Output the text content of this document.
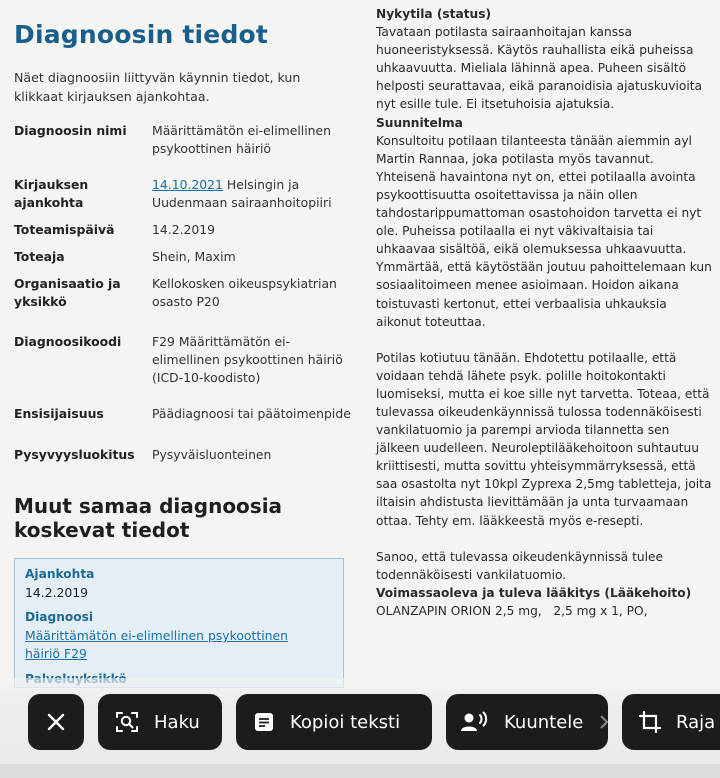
Diagnoosin tiedot
Näet diagnoosiin liittyvän käynnin tiedot, kun klikkaat kirjauksen ajankohtaa.
Diagnoosin nimi	Määrittämätön ei-elimellinen psykoottinen häiriö
Kirjauksen ajankohta
14.10.2021 Helsingin ja Uudenmaan sairaanhoitopiiri
Toteamispäivä	14.2.2019
Toteaja	Shein, Maxim
Organisaatio ja yksikkö
Kellokosken oikeuspsykiatrian osasto P20
Diagnoosikoodi	F29 Määrittämätön ei-elimellinen psykoottinen häiriö (ICD-10-koodisto)
Ensisijaisuus	Päädiagnoosi tai päätoimenpide
Pysyvyysluokitus	Pysyväisluonteinen
Muut samaa diagnoosia koskevat tiedot
Ajankohta
14.2.2019
Diagnoosi
Määrittämätön ei-elimellinen psykoottinen häiriö F29

Nykytila (status)

Tavataan potilasta sairaanhoitajan kanssa huoneeristyksessä. Käytös rauhallista eikä puheissa uhkaavuutta. Mieliala lähinnä apea. Puheen sisältö helposti seurattavaa, eikä paranoidisia ajatuskuvioita nyt esille tule. Ei itsetuhoisia ajatuksia.

Suunnitelma

Konsultoitu potilaan tilanteesta tänään aiemmin ayl Martin Rannaa, joka potilasta myös tavannut. Yhteisenä havaintona nyt on, ettei potilaalla avointa psykoottisuutta osoitettavissa ja näin ollen tahdostarippumattoman osastohoidon tarvetta ei nyt ole. Puheissa potilaalla ei nyt väkivaltaisia tai uhkaavaa sisältöä, eikä olemuksessa uhkaavuutta. Ymmärtää, että käytöstään joutuu pahoittelemaan kun sosiaalitoimeen menee asioimaan. Hoidon aikana toistuvasti kertonut, ettei verbaalisia uhkauksia aikonut toteuttaa.

Potilas kotiutuu tänään. Ehdotettu potilaalle, että voidaan tehdä lähete psyk. polille hoitokontakti luomiseksi, mutta ei koe sille nyt tarvetta. Toteaa, että tulevassa oikeudenkäynnissä tulossa todennäköisesti vankilatuomio ja parempi arvioda tilannetta sen jälkeen uudelleen. Neuroleptilääkehoitoon suhtautuu kriittisesti, mutta sovittu yhteisymmärryksessä, että saa osastolta nyt 10kpl Zyprexa 2,5mg tabletteja, joita iltaisin ahdistusta lievittämään ja unta turvaamaan ottaa. Tehty em. lääkkeestä myös e-resepti.

Sanoo, että tulevassa oikeudenkäynnissä tulee todennäköisesti vankilatuomio.

Voimassaoleva ja tuleva lääkitys (Lääkehoito)

OLANZAPIN ORION 2,5 mg, 2,5 mg x 1, PO,

Haku	Kopioi teksti	Kuuntele	Raja
